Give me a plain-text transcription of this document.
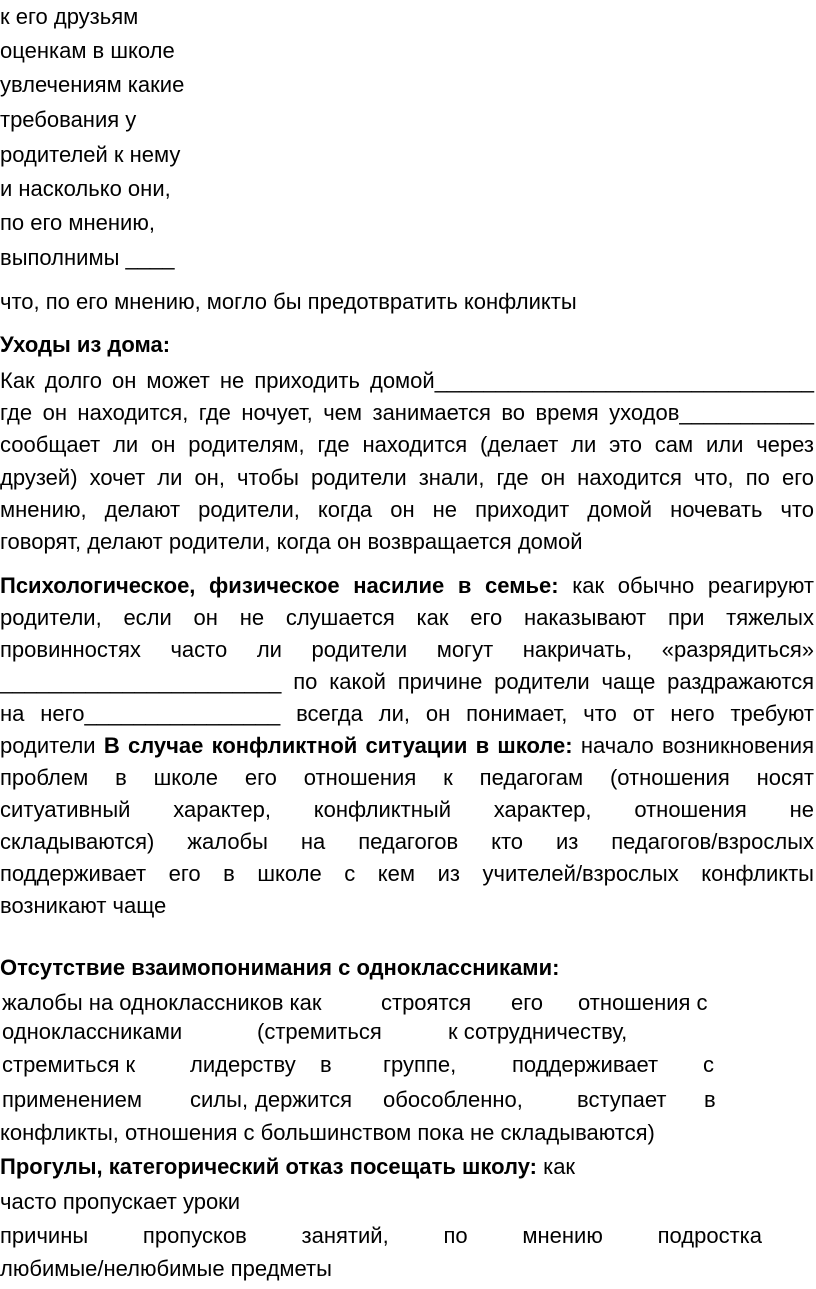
к его друзьям
оценкам в школе
увлечениям какие
требования у
родителей к нему
и насколько они,
по его мнению,
выполнимы ____
что, по его мнению, могло бы предотвратить конфликты
Уходы из дома:
Как долго он может не приходить домой_______________________________
где он находится, где ночует, чем занимается во время уходов___________
сообщает ли он родителям, где находится (делает ли это сам или через
друзей) хочет ли он, чтобы родители знали, где он находится что, по его
мнению, делают родители, когда он не приходит домой ночевать что
говорят, делают родители, когда он возвращается домой
Психологическое, физическое насилие в семье: как обычно реагируют
родители, если он не слушается как его наказывают при тяжелых
провинностях часто ли родители могут накричать, «разрядиться»
_______________________ по какой причине родители чаще раздражаются
на него________________ всегда ли, он понимает, что от него требуют
родители В случае конфликтной ситуации в школе: начало возникновения
проблем в школе его отношения к педагогам (отношения носят
ситуативный характер, конфликтный характер, отношения не
складываются) жалобы на педагогов кто из педагогов/взрослых
поддерживает его в школе с кем из учителей/взрослых конфликты
возникают чаще
Отсутствие взаимопонимания с одноклассниками:
жалобы на одноклассников как	строятся его отношения с
одноклассниками	(стремиться	к сотрудничеству,
стремиться к лидерству в группе,	поддерживает с
применением силы, держится обособленно, вступает в
конфликты, отношения с большинством пока не складываются)
Прогулы, категорический отказ посещать школу: как
часто пропускает уроки
причины пропусков занятий, по мнению подростка
любимые/нелюбимые предметы
